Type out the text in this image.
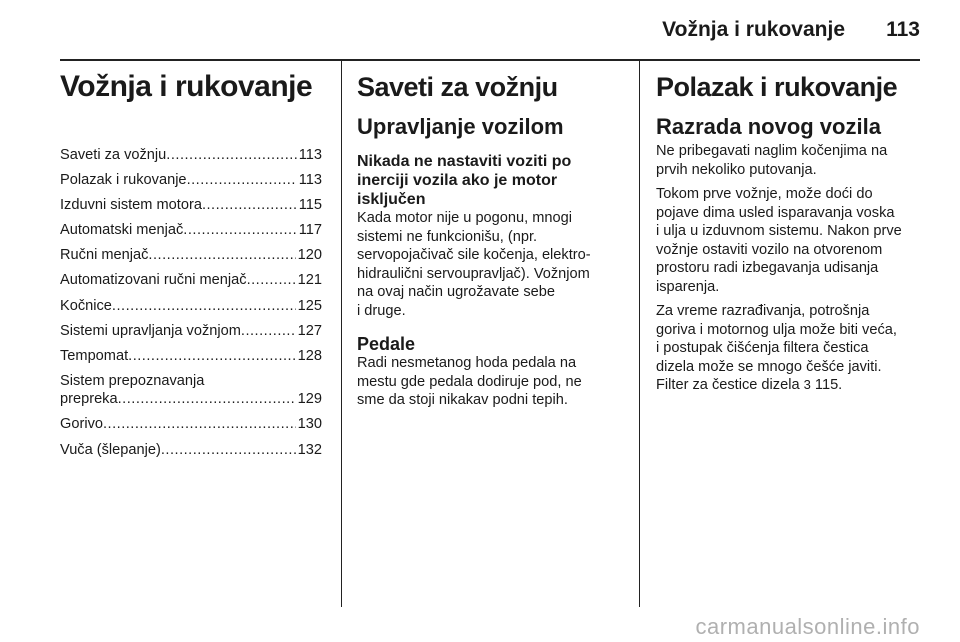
Vožnja i rukovanje 113
Vožnja i rukovanje
Saveti za vožnju .....	113
Polazak i rukovanje .....	113
Izduvni sistem motora .....	115
Automatski menjač .....	117
Ručni menjač .....	120
Automatizovani ručni menjač .....	121
Kočnice .....	125
Sistemi upravljanja vožnjom .....	127
Tempomat .....	128
Sistem prepoznavanja
prepreka .....	129
Gorivo .....	130
Vuča (šlepanje) .....	132
Saveti za vožnju
Upravljanje vozilom
Nikada ne nastaviti voziti po
inerciji vozila ako je motor
isključen

Kada motor nije u pogonu, mnogi
sistemi ne funkcionišu, (npr.
servopojačivač sile kočenja, elektro-
hidraulični servoupravljač). Vožnjom
na ovaj način ugrožavate sebe
i druge.

Pedale

Radi nesmetanog hoda pedala na
mestu gde pedala dodiruje pod, ne
sme da stoji nikakav podni tepih.

Polazak i rukovanje
Razrada novog vozila

Ne pribegavati naglim kočenjima na
prvih nekoliko putovanja.

Tokom prve vožnje, može doći do
pojave dima usled isparavanja voska
i ulja u izduvnom sistemu. Nakon prve
vožnje ostaviti vozilo na otvorenom
prostoru radi izbegavanja udisanja
isparenja.

Za vreme razrađivanja, potrošnja
goriva i motornog ulja može biti veća,
i postupak čišćenja filtera čestica
dizela može se mnogo češće javiti.
Filter za čestice dizela 3 115.

carmanualsonline.info
